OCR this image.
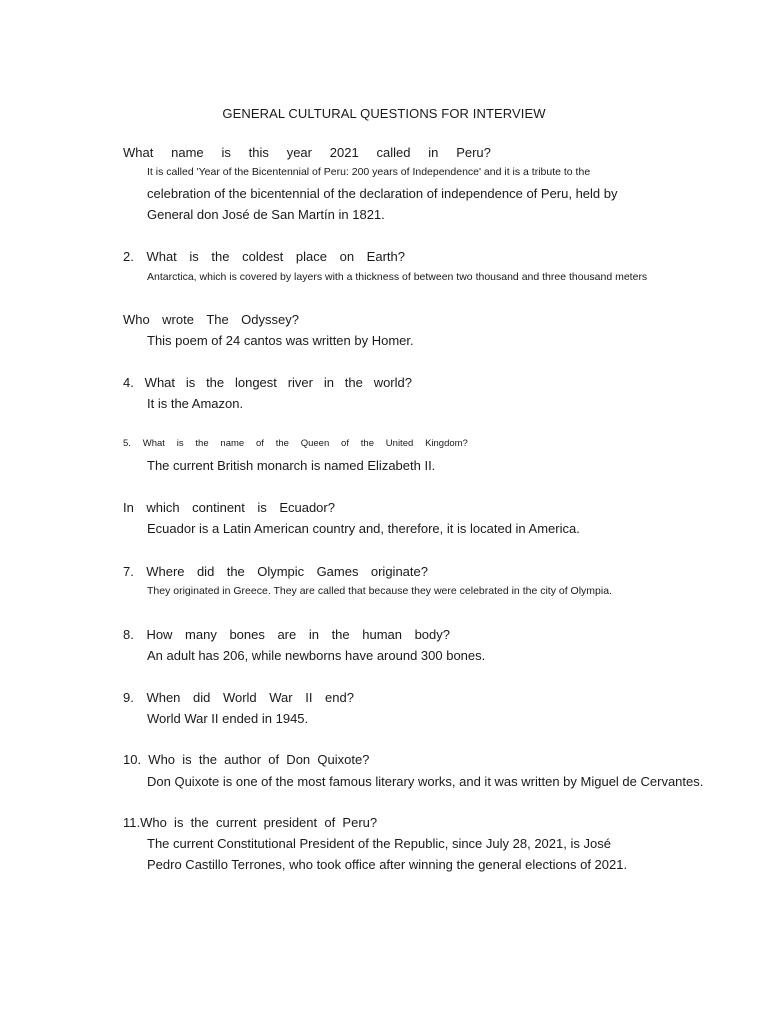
GENERAL CULTURAL QUESTIONS FOR INTERVIEW
What name is this year 2021 called in Peru?
It is called 'Year of the Bicentennial of Peru: 200 years of Independence' and it is a tribute to the
celebration of the bicentennial of the declaration of independence of Peru, held by
General don José de San Martín in 1821.
2. What is the coldest place on Earth?
Antarctica, which is covered by layers with a thickness of between two thousand and three thousand meters
Who wrote The Odyssey?
This poem of 24 cantos was written by Homer.
4. What is the longest river in the world?
It is the Amazon.
5. What is the name of the Queen of the United Kingdom?
The current British monarch is named Elizabeth II.
In which continent is Ecuador?
Ecuador is a Latin American country and, therefore, it is located in America.
7. Where did the Olympic Games originate?
They originated in Greece. They are called that because they were celebrated in the city of Olympia.
8. How many bones are in the human body?
An adult has 206, while newborns have around 300 bones.
9. When did World War II end?
World War II ended in 1945.
10.  Who  is  the  author  of  Don  Quixote?
Don Quixote is one of the most famous literary works, and it was written by Miguel de Cervantes.
11.Who  is  the  current  president  of  Peru?
The current Constitutional President of the Republic, since July 28, 2021, is José
Pedro Castillo Terrones, who took office after winning the general elections of 2021.
